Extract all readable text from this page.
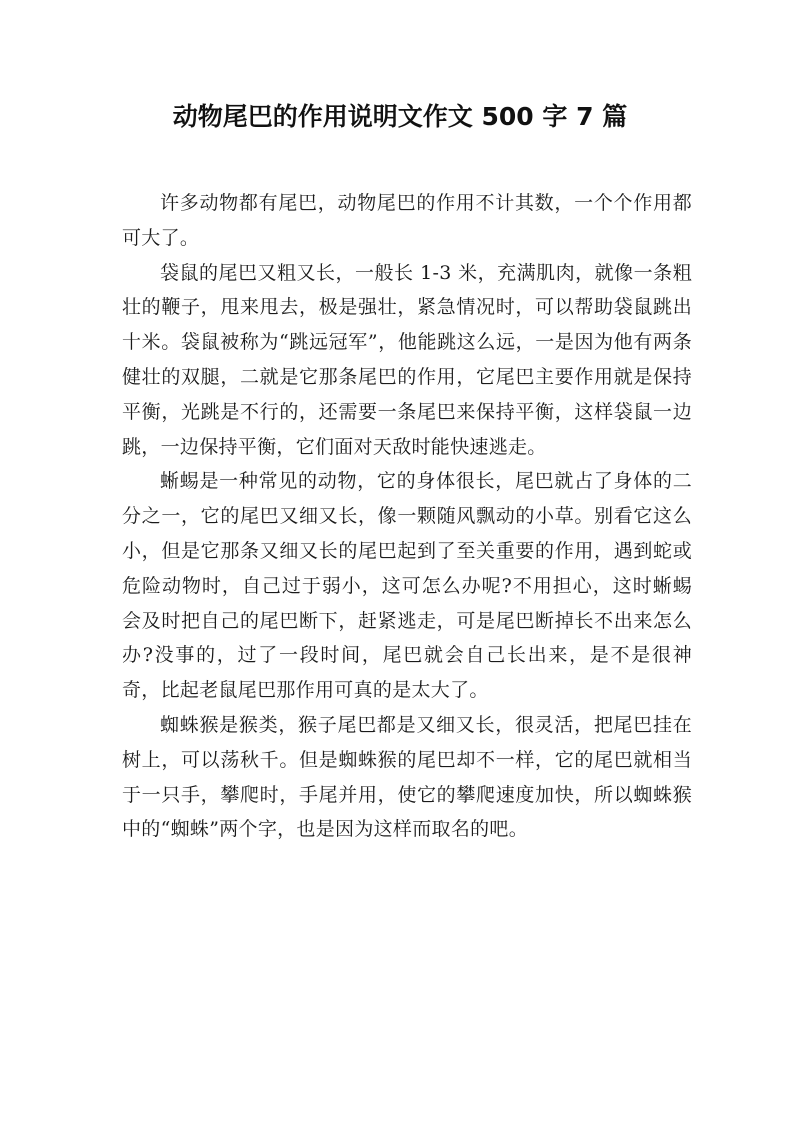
动物尾巴的作用说明文作文 500 字 7 篇

许多动物都有尾巴，动物尾巴的作用不计其数，一个个作用都可大了。

袋鼠的尾巴又粗又长，一般长 1-3 米，充满肌肉，就像一条粗壮的鞭子，甩来甩去，极是强壮，紧急情况时，可以帮助袋鼠跳出十米。袋鼠被称为“跳远冠军”，他能跳这么远，一是因为他有两条健壮的双腿，二就是它那条尾巴的作用，它尾巴主要作用就是保持平衡，光跳是不行的，还需要一条尾巴来保持平衡，这样袋鼠一边跳，一边保持平衡，它们面对天敌时能快速逃走。

蜥蜴是一种常见的动物，它的身体很长，尾巴就占了身体的二分之一，它的尾巴又细又长，像一颗随风飘动的小草。别看它这么小，但是它那条又细又长的尾巴起到了至关重要的作用，遇到蛇或危险动物时，自己过于弱小，这可怎么办呢?不用担心，这时蜥蜴会及时把自己的尾巴断下，赶紧逃走，可是尾巴断掉长不出来怎么办?没事的，过了一段时间，尾巴就会自己长出来，是不是很神奇，比起老鼠尾巴那作用可真的是太大了。

蜘蛛猴是猴类，猴子尾巴都是又细又长，很灵活，把尾巴挂在树上，可以荡秋千。但是蜘蛛猴的尾巴却不一样，它的尾巴就相当于一只手，攀爬时，手尾并用，使它的攀爬速度加快，所以蜘蛛猴中的“蜘蛛”两个字，也是因为这样而取名的吧。
